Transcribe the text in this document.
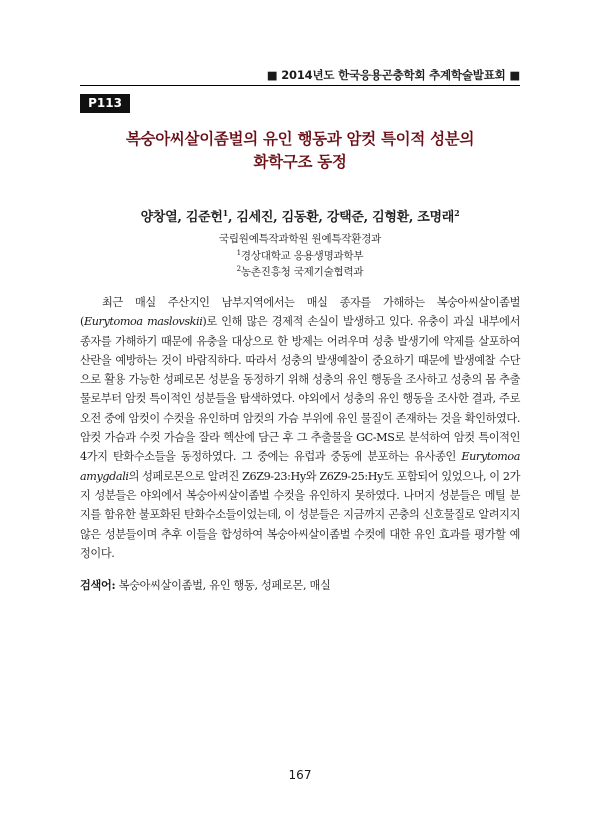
■ 2014년도 한국응용곤충학회 추계학술발표회 ■
P113
복숭아씨살이좀벌의 유인 행동과 암컷 특이적 성분의
화학구조 동정
양창열, 김준헌$^1$, 김세진, 김동환, 강택준, 김형환, 조명래$^2$
국립원예특작과학원 원예특작환경과
$^1$경상대학교 응용생명과학부
$^2$농촌진흥청 국제기술협력과
최근 매실 주산지인 남부지역에서는 매실 종자를 가해하는 복숭아씨살이좀벌 (Eurytomoa maslovskii)로 인해 많은 경제적 손실이 발생하고 있다. 유충이 과실 내부에서 종자를 가해하기 때문에 유충을 대상으로 한 방제는 어려우며 성충 발생기에 약제를 살포하여 산란을 예방하는 것이 바람직하다. 따라서 성충의 발생예찰이 중요하기 때문에 발생예찰 수단으로 활용 가능한 성페로몬 성분을 동정하기 위해 성충의 유인 행동을 조사하고 성충의 몸 추출물로부터 암컷 특이적인 성분들을 탐색하였다. 야외에서 성충의 유인 행동을 조사한 결과, 주로 오전 중에 암컷이 수컷을 유인하며 암컷의 가슴 부위에 유인 물질이 존재하는 것을 확인하였다. 암컷 가슴과 수컷 가슴을 잘라 헥산에 담근 후 그 추출물을 GC-MS로 분석하여 암컷 특이적인 4가지 탄화수소들을 동정하였다. 그 중에는 유럽과 중동에 분포하는 유사종인 Eurytomoa amygdali의 성페로몬으로 알려진 Z6Z9-23:Hy와 Z6Z9-25:Hy도 포함되어 있었으나, 이 2가지 성분들은 야외에서 복숭아씨살이좀벌 수컷을 유인하지 못하였다. 나머지 성분들은 메틸 분지를 함유한 불포화된 탄화수소들이었는데, 이 성분들은 지금까지 곤충의 신호물질로 알려지지 않은 성분들이며 추후 이들을 합성하여 복숭아씨살이좀벌 수컷에 대한 유인 효과를 평가할 예정이다.
검색어: 복숭아씨살이좀벌, 유인 행동, 성페로몬, 매실
167
